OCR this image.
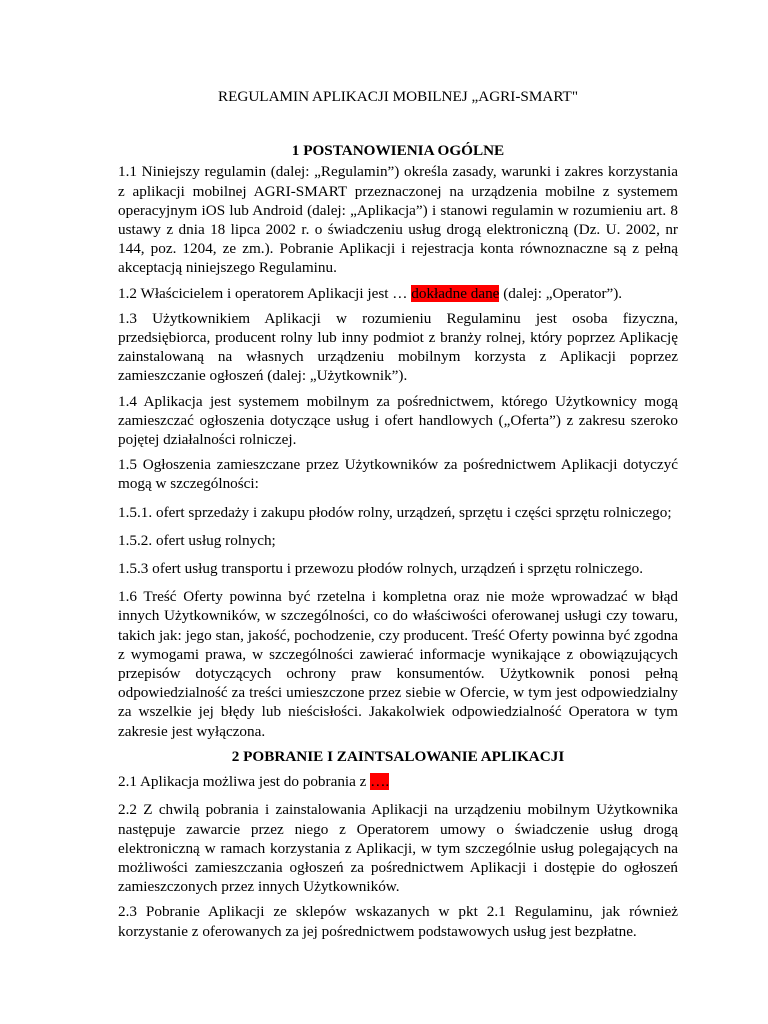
REGULAMIN APLIKACJI MOBILNEJ „AGRI-SMART"
1 POSTANOWIENIA OGÓLNE

1.1 Niniejszy regulamin (dalej: „Regulamin”) określa zasady, warunki i zakres korzystania z aplikacji mobilnej AGRI-SMART przeznaczonej na urządzenia mobilne z systemem operacyjnym iOS lub Android (dalej: „Aplikacja”) i stanowi regulamin w rozumieniu art. 8 ustawy z dnia 18 lipca 2002 r. o świadczeniu usług drogą elektroniczną (Dz. U. 2002, nr 144, poz. 1204, ze zm.). Pobranie Aplikacji i rejestracja konta równoznaczne są z pełną akceptacją niniejszego Regulaminu.

1.2 Właścicielem i operatorem Aplikacji jest … dokładne dane (dalej: „Operator”).

1.3 Użytkownikiem Aplikacji w rozumieniu Regulaminu jest osoba fizyczna, przedsiębiorca, producent rolny lub inny podmiot z branży rolnej, który poprzez Aplikację zainstalowaną na własnych urządzeniu mobilnym korzysta z Aplikacji poprzez zamieszczanie ogłoszeń (dalej: „Użytkownik”).

1.4 Aplikacja jest systemem mobilnym za pośrednictwem, którego Użytkownicy mogą zamieszczać ogłoszenia dotyczące usług i ofert handlowych („Oferta”) z zakresu szeroko pojętej działalności rolniczej.

1.5 Ogłoszenia zamieszczane przez Użytkowników za pośrednictwem Aplikacji dotyczyć mogą w szczególności:

1.5.1. ofert sprzedaży i zakupu płodów rolny, urządzeń, sprzętu i części sprzętu rolniczego;

1.5.2. ofert usług rolnych;

1.5.3 ofert usług transportu i przewozu płodów rolnych, urządzeń i sprzętu rolniczego.

1.6 Treść Oferty powinna być rzetelna i kompletna oraz nie może wprowadzać w błąd innych Użytkowników, w szczególności, co do właściwości oferowanej usługi czy towaru, takich jak: jego stan, jakość, pochodzenie, czy producent. Treść Oferty powinna być zgodna z wymogami prawa, w szczególności zawierać informacje wynikające z obowiązujących przepisów dotyczących ochrony praw konsumentów. Użytkownik ponosi pełną odpowiedzialność za treści umieszczone przez siebie w Ofercie, w tym jest odpowiedzialny za wszelkie jej błędy lub nieścisłości. Jakakolwiek odpowiedzialność Operatora w tym zakresie jest wyłączona.

2 POBRANIE I ZAINTSALOWANIE APLIKACJI

2.1 Aplikacja możliwa jest do pobrania z ….

2.2 Z chwilą pobrania i zainstalowania Aplikacji na urządzeniu mobilnym Użytkownika następuje zawarcie przez niego z Operatorem umowy o świadczenie usług drogą elektroniczną w ramach korzystania z Aplikacji, w tym szczególnie usług polegających na możliwości zamieszczania ogłoszeń za pośrednictwem Aplikacji i dostępie do ogłoszeń zamieszczonych przez innych Użytkowników.

2.3 Pobranie Aplikacji ze sklepów wskazanych w pkt 2.1 Regulaminu, jak również korzystanie z oferowanych za jej pośrednictwem podstawowych usług jest bezpłatne.
